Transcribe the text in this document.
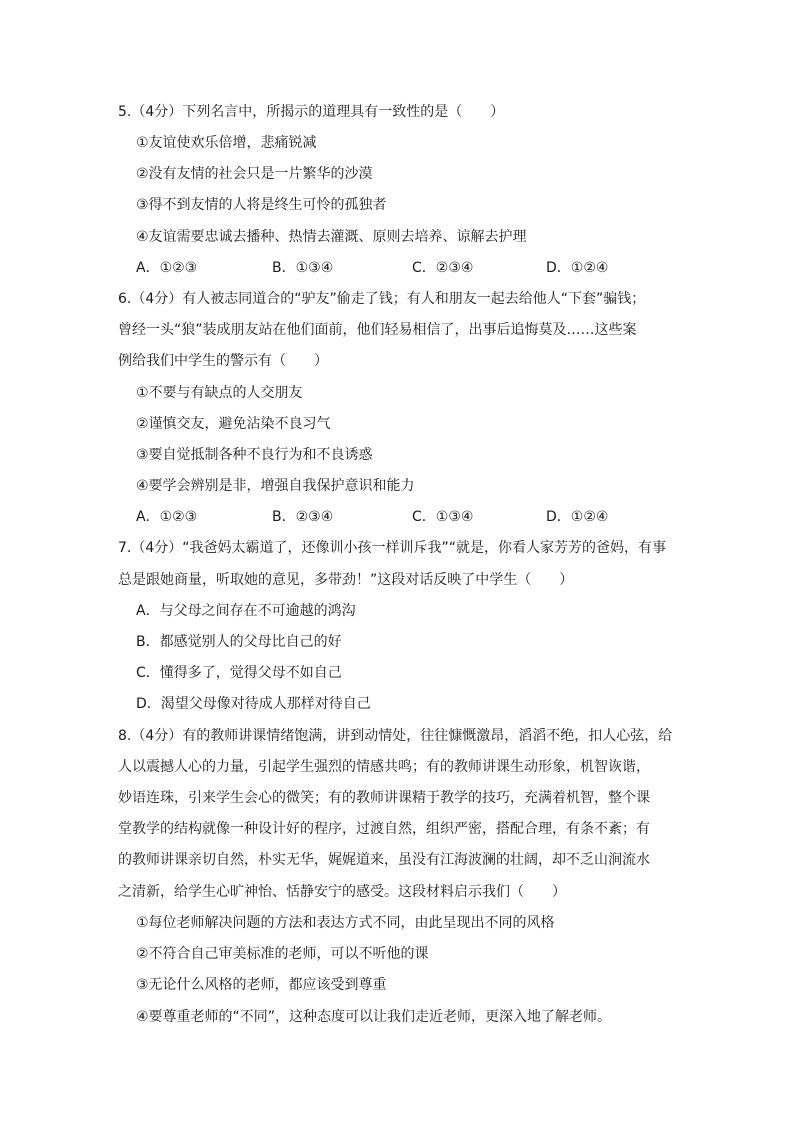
5.（4分）下列名言中，所揭示的道理具有一致性的是（　　）
①友谊使欢乐倍增，悲痛锐减
②没有友情的社会只是一片繁华的沙漠
③得不到友情的人将是终生可怜的孤独者
④友谊需要忠诚去播种、热情去灌溉、原则去培养、谅解去护理
A．①②③	B．①③④	C．②③④	D．①②④
6.（4分）有人被志同道合的“驴友”偷走了钱；有人和朋友一起去给他人“下套”骗钱；
曾经一头“狼”装成朋友站在他们面前，他们轻易相信了，出事后追悔莫及……这些案
例给我们中学生的警示有（　　）
①不要与有缺点的人交朋友
②谨慎交友，避免沾染不良习气
③要自觉抵制各种不良行为和不良诱惑
④要学会辨别是非，增强自我保护意识和能力
A．①②③	B．②③④	C．①③④	D．①②④
7.（4分）“我爸妈太霸道了，还像训小孩一样训斥我”“就是，你看人家芳芳的爸妈，有事
总是跟她商量，听取她的意见，多带劲！”这段对话反映了中学生（　　）
A．与父母之间存在不可逾越的鸿沟
B．都感觉别人的父母比自己的好
C．懂得多了，觉得父母不如自己
D．渴望父母像对待成人那样对待自己
8.（4分）有的教师讲课情绪饱满，讲到动情处，往往慷慨激昂，滔滔不绝，扣人心弦，给
人以震撼人心的力量，引起学生强烈的情感共鸣；有的教师讲课生动形象，机智诙谐，
妙语连珠，引来学生会心的微笑；有的教师讲课精于教学的技巧，充满着机智，整个课
堂教学的结构就像一种设计好的程序，过渡自然，组织严密，搭配合理，有条不紊；有
的教师讲课亲切自然，朴实无华，娓娓道来，虽没有江海波澜的壮阔，却不乏山涧流水
之清新，给学生心旷神怡、恬静安宁的感受。这段材料启示我们（　　）
①每位老师解决问题的方法和表达方式不同，由此呈现出不同的风格
②不符合自己审美标准的老师，可以不听他的课
③无论什么风格的老师，都应该受到尊重
④要尊重老师的“不同”，这种态度可以让我们走近老师，更深入地了解老师。
